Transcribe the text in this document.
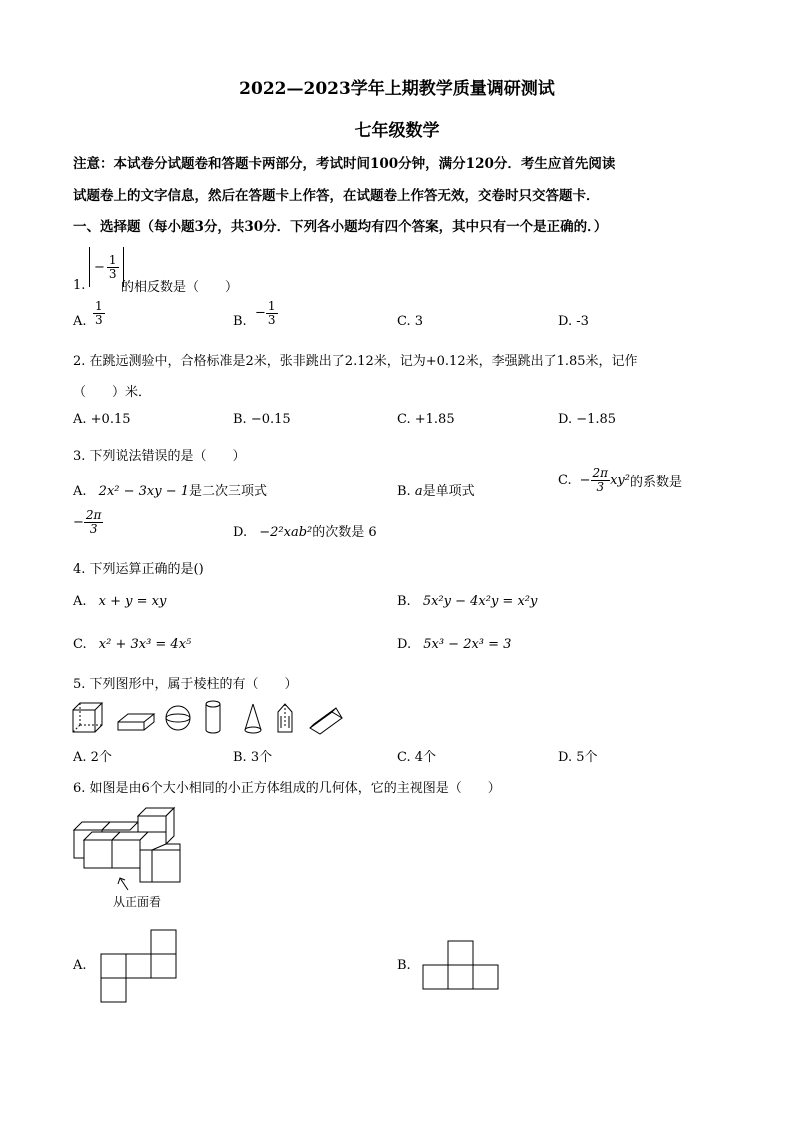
2022—2023学年上期教学质量调研测试
七年级数学
注意：本试卷分试题卷和答题卡两部分，考试时间100分钟，满分120分．考生应首先阅读
试题卷上的文字信息，然后在答题卡上作答，在试题卷上作答无效，交卷时只交答题卡．
一、选择题（每小题3分，共30分．下列各小题均有四个答案，其中只有一个是正确的．）
1.
− $\frac{1}{3}$
的相反数是（　　）
A. $\frac{1}{3}$	B.
− $\frac{1}{3}$	C. 3	D. -3
2. 在跳远测验中，合格标准是2米，张非跳出了2.12米，记为+0.12米，李强跳出了1.85米，记作
（　　）米．
A. +0.15	B. −0.15	C. +1.85	D. −1.85
3. 下列说法错误的是（　　）
A. 2x² − 3xy − 1是二次三项式	B. a是单项式
C. − $\frac{2\pi}{3} xy^2$ 的系数是
− $\frac{2\pi}{3}$	D. −2²xab²的次数是 6
4. 下列运算正确的是()
A. x + y = xy	B. 5x²y − 4x²y = x²y
C. x² + 3x³ = 4x⁵	D. 5x³ − 2x³ = 3
5. 下列图形中，属于棱柱的有（　　）
A. 2个	B. 3个	C. 4个	D. 5个
6. 如图是由6个大小相同的小正方体组成的几何体，它的主视图是（　　）
从正面看
A.	B.
